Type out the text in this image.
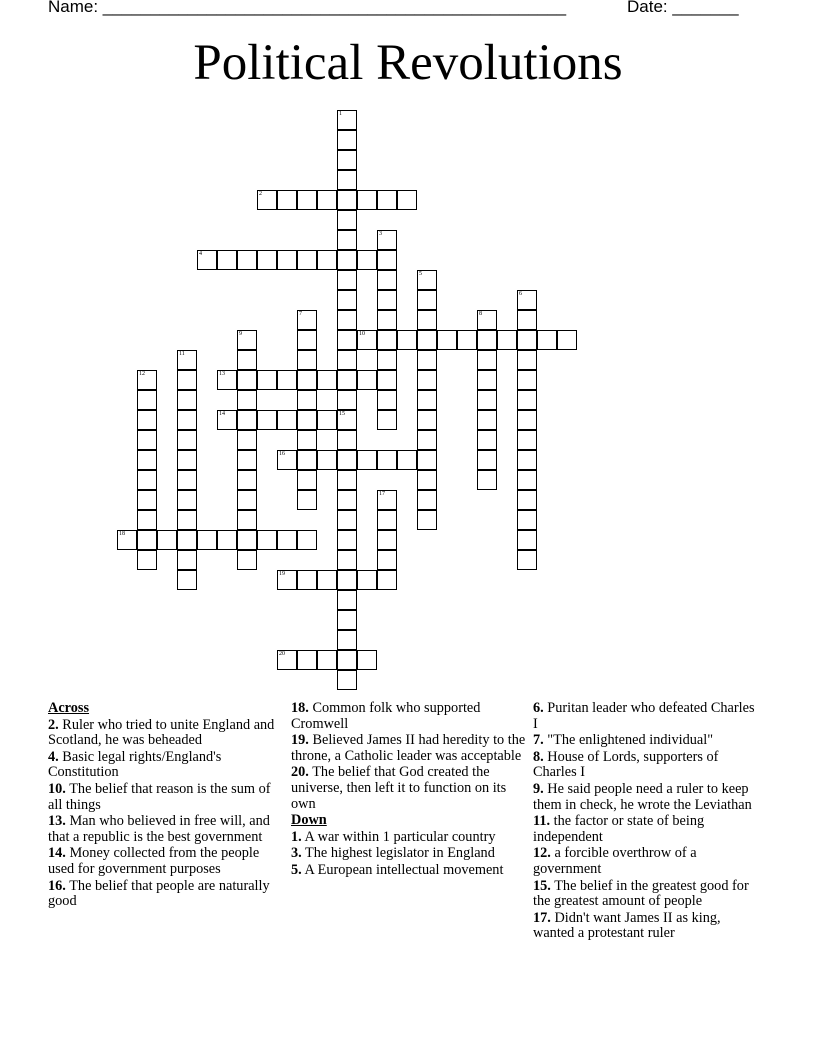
Name: _________________________________________________	Date: _______
Political Revolutions
1
2
3
4
5
6
7	8
9	10
11
12	13
14	15
16
17
18
19
20
Across
2. Ruler who tried to unite England and Scotland, he was beheaded
4. Basic legal rights/England's Constitution
10. The belief that reason is the sum of all things
13. Man who believed in free will, and that a republic is the best government
14. Money collected from the people used for government purposes
16. The belief that people are naturally good
18. Common folk who supported Cromwell
19. Believed James II had heredity to the throne, a Catholic leader was acceptable
20. The belief that God created the universe, then left it to function on its own
Down
1. A war within 1 particular country
3. The highest legislator in England
5. A European intellectual movement
6. Puritan leader who defeated Charles I
7. "The enlightened individual"
8. House of Lords, supporters of Charles I
9. He said people need a ruler to keep them in check, he wrote the Leviathan
11. the factor or state of being independent
12. a forcible overthrow of a government
15. The belief in the greatest good for the greatest amount of people
17. Didn't want James II as king, wanted a protestant ruler
